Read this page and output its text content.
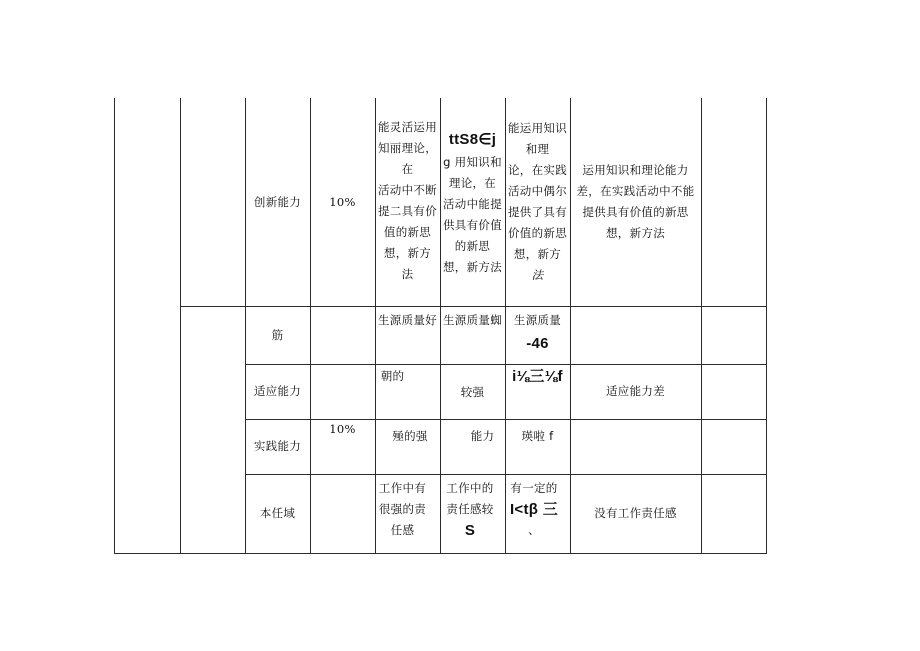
创新能力 10%
能灵活运用
知丽理论，
在
活动中不断
提二具有价
值的新思
想，新方
法
ttS8∈j
g 用知识和
理论，在
活动中能提
供具有价值
的新思
想，新方法
能运用知识
和理
论，在实践
活动中偶尔
提供了具有
价值的新思
想，新方
法
运用知识和理论能力
差，在实践活动中不能
提供具有价值的新思
想，新方法
筋
适应能力
实践能力
本任域
10%
生源质量好 生源质量蜘 生源质量
-46
朝的
较强
i⅛三⅛f
适应能力差
殛的强	能力 瑛啦 f
工作中有
很强的责
任感
工作中的
责任感较
S
有一定的
I<tβ 三
、
没有工作责任感
